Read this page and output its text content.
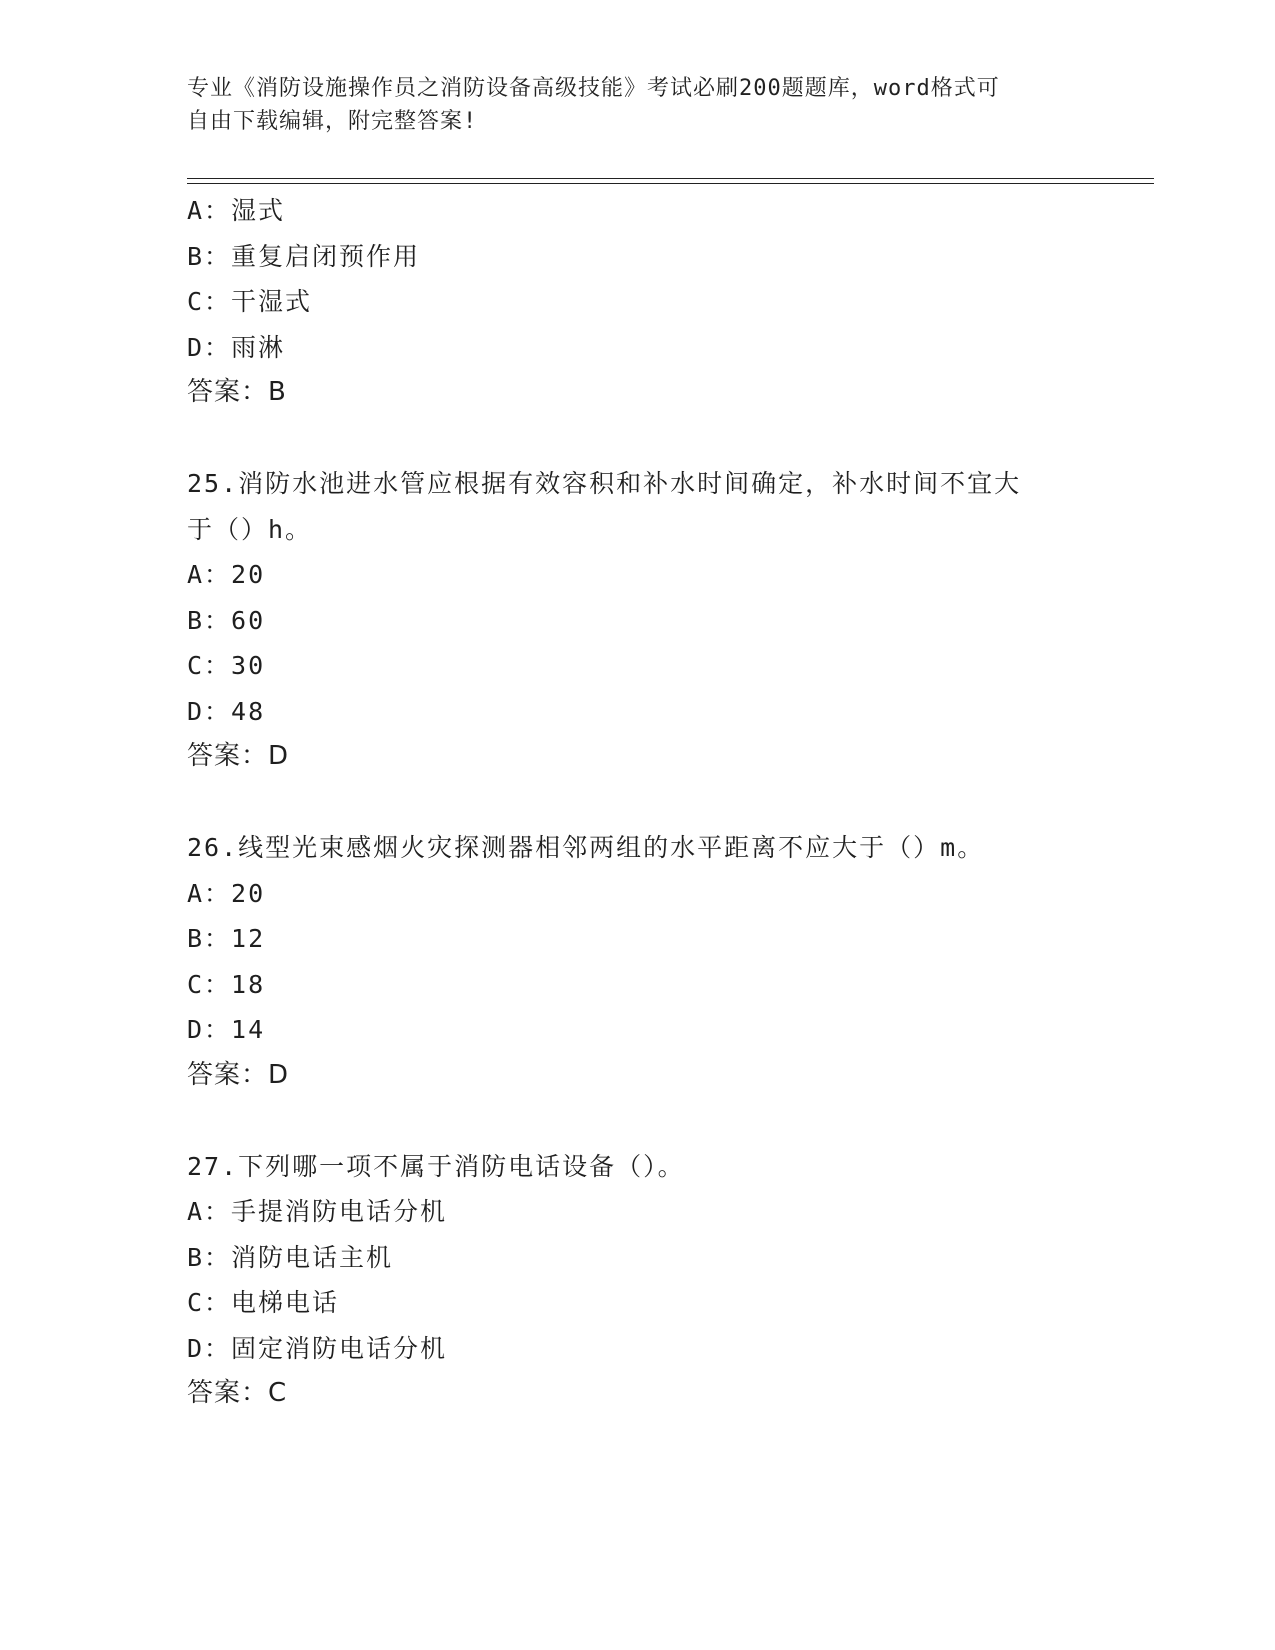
专业《消防设施操作员之消防设备高级技能》考试必刷200题题库，word格式可
自由下载编辑，附完整答案!
A：湿式
B：重复启闭预作用
C：干湿式
D：雨淋
答案：B
25.消防水池进水管应根据有效容积和补水时间确定，补水时间不宜大
于（）h。
A：20
B：60
C：30
D：48
答案：D
26.线型光束感烟火灾探测器相邻两组的水平距离不应大于（）m。
A：20
B：12
C：18
D：14
答案：D
27.下列哪一项不属于消防电话设备（）。
A：手提消防电话分机
B：消防电话主机
C：电梯电话
D：固定消防电话分机
答案：C
